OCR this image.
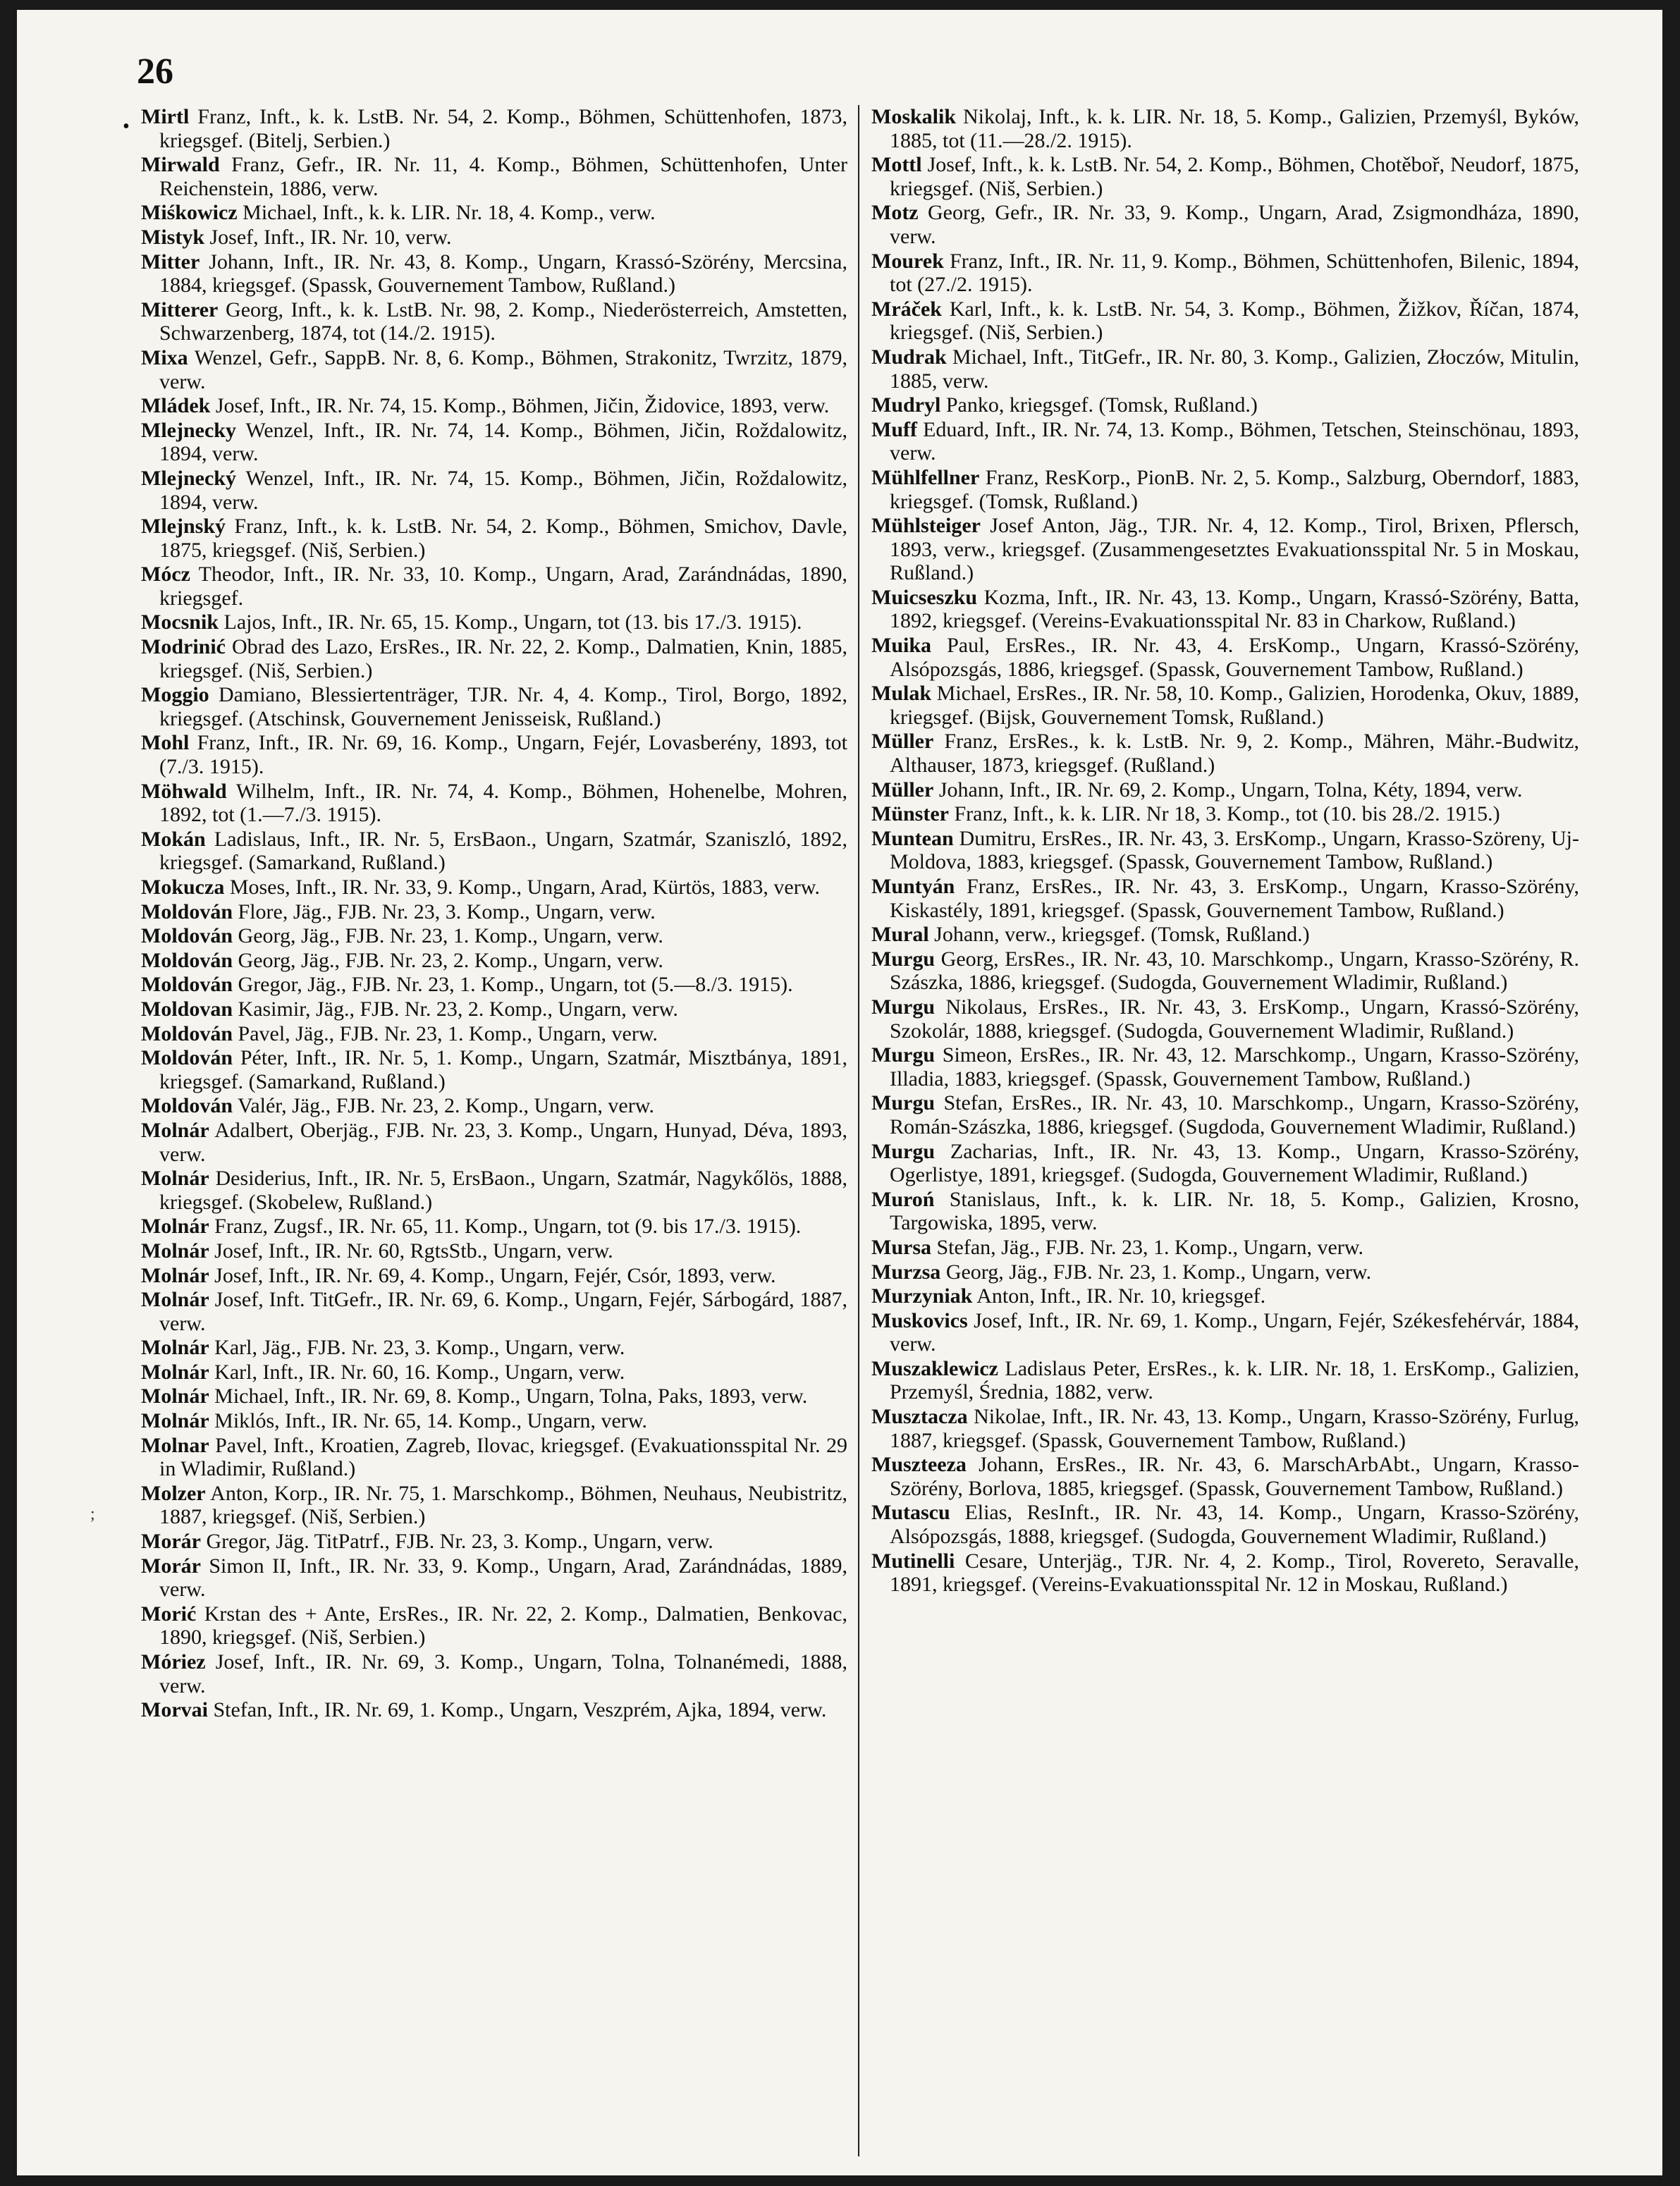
26
•
;

Mirtl Franz, Inft., k. k. LstB. Nr. 54, 2. Komp., Böhmen, Schüttenhofen, 1873, kriegsgef. (Bitelj, Serbien.)

Mirwald Franz, Gefr., IR. Nr. 11, 4. Komp., Böhmen, Schüttenhofen, Unter Reichenstein, 1886, verw.

Miśkowicz Michael, Inft., k. k. LIR. Nr. 18, 4. Komp., verw.

Mistyk Josef, Inft., IR. Nr. 10, verw.

Mitter Johann, Inft., IR. Nr. 43, 8. Komp., Ungarn, Krassó-Szörény, Mercsina, 1884, kriegsgef. (Spassk, Gouvernement Tambow, Rußland.)

Mitterer Georg, Inft., k. k. LstB. Nr. 98, 2. Komp., Niederösterreich, Amstetten, Schwarzenberg, 1874, tot (14./2. 1915).

Mixa Wenzel, Gefr., SappB. Nr. 8, 6. Komp., Böhmen, Strakonitz, Twrzitz, 1879, verw.

Mládek Josef, Inft., IR. Nr. 74, 15. Komp., Böhmen, Jičin, Židovice, 1893, verw.

Mlejnecky Wenzel, Inft., IR. Nr. 74, 14. Komp., Böhmen, Jičin, Roždalowitz, 1894, verw.

Mlejnecký Wenzel, Inft., IR. Nr. 74, 15. Komp., Böhmen, Jičin, Roždalowitz, 1894, verw.

Mlejnský Franz, Inft., k. k. LstB. Nr. 54, 2. Komp., Böhmen, Smichov, Davle, 1875, kriegsgef. (Niš, Serbien.)

Mócz Theodor, Inft., IR. Nr. 33, 10. Komp., Ungarn, Arad, Zarándnádas, 1890, kriegsgef.

Mocsnik Lajos, Inft., IR. Nr. 65, 15. Komp., Ungarn, tot (13. bis 17./3. 1915).

Modrinić Obrad des Lazo, ErsRes., IR. Nr. 22, 2. Komp., Dalmatien, Knin, 1885, kriegsgef. (Niš, Serbien.)

Moggio Damiano, Blessiertenträger, TJR. Nr. 4, 4. Komp., Tirol, Borgo, 1892, kriegsgef. (Atschinsk, Gouvernement Jenisseisk, Rußland.)

Mohl Franz, Inft., IR. Nr. 69, 16. Komp., Ungarn, Fejér, Lovasberény, 1893, tot (7./3. 1915).

Möhwald Wilhelm, Inft., IR. Nr. 74, 4. Komp., Böhmen, Hohenelbe, Mohren, 1892, tot (1.—7./3. 1915).

Mokán Ladislaus, Inft., IR. Nr. 5, ErsBaon., Ungarn, Szatmár, Szaniszló, 1892, kriegsgef. (Samarkand, Rußland.)

Mokucza Moses, Inft., IR. Nr. 33, 9. Komp., Ungarn, Arad, Kürtös, 1883, verw.

Moldován Flore, Jäg., FJB. Nr. 23, 3. Komp., Ungarn, verw.

Moldován Georg, Jäg., FJB. Nr. 23, 1. Komp., Ungarn, verw.

Moldován Georg, Jäg., FJB. Nr. 23, 2. Komp., Ungarn, verw.

Moldován Gregor, Jäg., FJB. Nr. 23, 1. Komp., Ungarn, tot (5.—8./3. 1915).

Moldovan Kasimir, Jäg., FJB. Nr. 23, 2. Komp., Ungarn, verw.

Moldován Pavel, Jäg., FJB. Nr. 23, 1. Komp., Ungarn, verw.

Moldován Péter, Inft., IR. Nr. 5, 1. Komp., Ungarn, Szatmár, Misztbánya, 1891, kriegsgef. (Samarkand, Rußland.)

Moldován Valér, Jäg., FJB. Nr. 23, 2. Komp., Ungarn, verw.

Molnár Adalbert, Oberjäg., FJB. Nr. 23, 3. Komp., Ungarn, Hunyad, Déva, 1893, verw.

Molnár Desiderius, Inft., IR. Nr. 5, ErsBaon., Ungarn, Szatmár, Nagykőlös, 1888, kriegsgef. (Skobelew, Rußland.)

Molnár Franz, Zugsf., IR. Nr. 65, 11. Komp., Ungarn, tot (9. bis 17./3. 1915).

Molnár Josef, Inft., IR. Nr. 60, RgtsStb., Ungarn, verw.

Molnár Josef, Inft., IR. Nr. 69, 4. Komp., Ungarn, Fejér, Csór, 1893, verw.

Molnár Josef, Inft. TitGefr., IR. Nr. 69, 6. Komp., Ungarn, Fejér, Sárbogárd, 1887, verw.

Molnár Karl, Jäg., FJB. Nr. 23, 3. Komp., Ungarn, verw.

Molnár Karl, Inft., IR. Nr. 60, 16. Komp., Ungarn, verw.

Molnár Michael, Inft., IR. Nr. 69, 8. Komp., Ungarn, Tolna, Paks, 1893, verw.

Molnár Miklós, Inft., IR. Nr. 65, 14. Komp., Ungarn, verw.

Molnar Pavel, Inft., Kroatien, Zagreb, Ilovac, kriegsgef. (Evakuationsspital Nr. 29 in Wladimir, Rußland.)

Molzer Anton, Korp., IR. Nr. 75, 1. Marschkomp., Böhmen, Neuhaus, Neubistritz, 1887, kriegsgef. (Niš, Serbien.)

Morár Gregor, Jäg. TitPatrf., FJB. Nr. 23, 3. Komp., Ungarn, verw.

Morár Simon II, Inft., IR. Nr. 33, 9. Komp., Ungarn, Arad, Zarándnádas, 1889, verw.

Morić Krstan des + Ante, ErsRes., IR. Nr. 22, 2. Komp., Dalmatien, Benkovac, 1890, kriegsgef. (Niš, Serbien.)

Móriez Josef, Inft., IR. Nr. 69, 3. Komp., Ungarn, Tolna, Tolnanémedi, 1888, verw.

Morvai Stefan, Inft., IR. Nr. 69, 1. Komp., Ungarn, Veszprém, Ajka, 1894, verw.

Moskalik Nikolaj, Inft., k. k. LIR. Nr. 18, 5. Komp., Galizien, Przemyśl, Byków, 1885, tot (11.—28./2. 1915).

Mottl Josef, Inft., k. k. LstB. Nr. 54, 2. Komp., Böhmen, Chotěboř, Neudorf, 1875, kriegsgef. (Niš, Serbien.)

Motz Georg, Gefr., IR. Nr. 33, 9. Komp., Ungarn, Arad, Zsigmondháza, 1890, verw.

Mourek Franz, Inft., IR. Nr. 11, 9. Komp., Böhmen, Schüttenhofen, Bilenic, 1894, tot (27./2. 1915).

Mráček Karl, Inft., k. k. LstB. Nr. 54, 3. Komp., Böhmen, Žižkov, Říčan, 1874, kriegsgef. (Niš, Serbien.)

Mudrak Michael, Inft., TitGefr., IR. Nr. 80, 3. Komp., Galizien, Złoczów, Mitulin, 1885, verw.

Mudryl Panko, kriegsgef. (Tomsk, Rußland.)

Muff Eduard, Inft., IR. Nr. 74, 13. Komp., Böhmen, Tetschen, Steinschönau, 1893, verw.

Mühlfellner Franz, ResKorp., PionB. Nr. 2, 5. Komp., Salzburg, Oberndorf, 1883, kriegsgef. (Tomsk, Rußland.)

Mühlsteiger Josef Anton, Jäg., TJR. Nr. 4, 12. Komp., Tirol, Brixen, Pflersch, 1893, verw., kriegsgef. (Zusammengesetztes Evakuationsspital Nr. 5 in Moskau, Rußland.)

Muicseszku Kozma, Inft., IR. Nr. 43, 13. Komp., Ungarn, Krassó-Szörény, Batta, 1892, kriegsgef. (Vereins-Evakuationsspital Nr. 83 in Charkow, Rußland.)

Muika Paul, ErsRes., IR. Nr. 43, 4. ErsKomp., Ungarn, Krassó-Szörény, Alsópozsgás, 1886, kriegsgef. (Spassk, Gouvernement Tambow, Rußland.)

Mulak Michael, ErsRes., IR. Nr. 58, 10. Komp., Galizien, Horodenka, Okuv, 1889, kriegsgef. (Bijsk, Gouvernement Tomsk, Rußland.)

Müller Franz, ErsRes., k. k. LstB. Nr. 9, 2. Komp., Mähren, Mähr.-Budwitz, Althauser, 1873, kriegsgef. (Rußland.)

Müller Johann, Inft., IR. Nr. 69, 2. Komp., Ungarn, Tolna, Kéty, 1894, verw.

Münster Franz, Inft., k. k. LIR. Nr 18, 3. Komp., tot (10. bis 28./2. 1915.)

Muntean Dumitru, ErsRes., IR. Nr. 43, 3. ErsKomp., Ungarn, Krasso-Szöreny, Uj-Moldova, 1883, kriegsgef. (Spassk, Gouvernement Tambow, Rußland.)

Muntyán Franz, ErsRes., IR. Nr. 43, 3. ErsKomp., Ungarn, Krasso-Szörény, Kiskastély, 1891, kriegsgef. (Spassk, Gouvernement Tambow, Rußland.)

Mural Johann, verw., kriegsgef. (Tomsk, Rußland.)

Murgu Georg, ErsRes., IR. Nr. 43, 10. Marschkomp., Ungarn, Krasso-Szörény, R. Szászka, 1886, kriegsgef. (Sudogda, Gouvernement Wladimir, Rußland.)

Murgu Nikolaus, ErsRes., IR. Nr. 43, 3. ErsKomp., Ungarn, Krassó-Szörény, Szokolár, 1888, kriegsgef. (Sudogda, Gouvernement Wladimir, Rußland.)

Murgu Simeon, ErsRes., IR. Nr. 43, 12. Marschkomp., Ungarn, Krasso-Szörény, Illadia, 1883, kriegsgef. (Spassk, Gouvernement Tambow, Rußland.)

Murgu Stefan, ErsRes., IR. Nr. 43, 10. Marschkomp., Ungarn, Krasso-Szörény, Román-Szászka, 1886, kriegsgef. (Sugdoda, Gouvernement Wladimir, Rußland.)

Murgu Zacharias, Inft., IR. Nr. 43, 13. Komp., Ungarn, Krasso-Szörény, Ogerlistye, 1891, kriegsgef. (Sudogda, Gouvernement Wladimir, Rußland.)

Muroń Stanislaus, Inft., k. k. LIR. Nr. 18, 5. Komp., Galizien, Krosno, Targowiska, 1895, verw.

Mursa Stefan, Jäg., FJB. Nr. 23, 1. Komp., Ungarn, verw.

Murzsa Georg, Jäg., FJB. Nr. 23, 1. Komp., Ungarn, verw.

Murzyniak Anton, Inft., IR. Nr. 10, kriegsgef.

Muskovics Josef, Inft., IR. Nr. 69, 1. Komp., Ungarn, Fejér, Székesfehérvár, 1884, verw.

Muszaklewicz Ladislaus Peter, ErsRes., k. k. LIR. Nr. 18, 1. ErsKomp., Galizien, Przemyśl, Średnia, 1882, verw.

Musztacza Nikolae, Inft., IR. Nr. 43, 13. Komp., Ungarn, Krasso-Szörény, Furlug, 1887, kriegsgef. (Spassk, Gouvernement Tambow, Rußland.)

Muszteeza Johann, ErsRes., IR. Nr. 43, 6. MarschArbAbt., Ungarn, Krasso-Szörény, Borlova, 1885, kriegsgef. (Spassk, Gouvernement Tambow, Rußland.)

Mutascu Elias, ResInft., IR. Nr. 43, 14. Komp., Ungarn, Krasso-Szörény, Alsópozsgás, 1888, kriegsgef. (Sudogda, Gouvernement Wladimir, Rußland.)

Mutinelli Cesare, Unterjäg., TJR. Nr. 4, 2. Komp., Tirol, Rovereto, Seravalle, 1891, kriegsgef. (Vereins-Evakuationsspital Nr. 12 in Moskau, Rußland.)
